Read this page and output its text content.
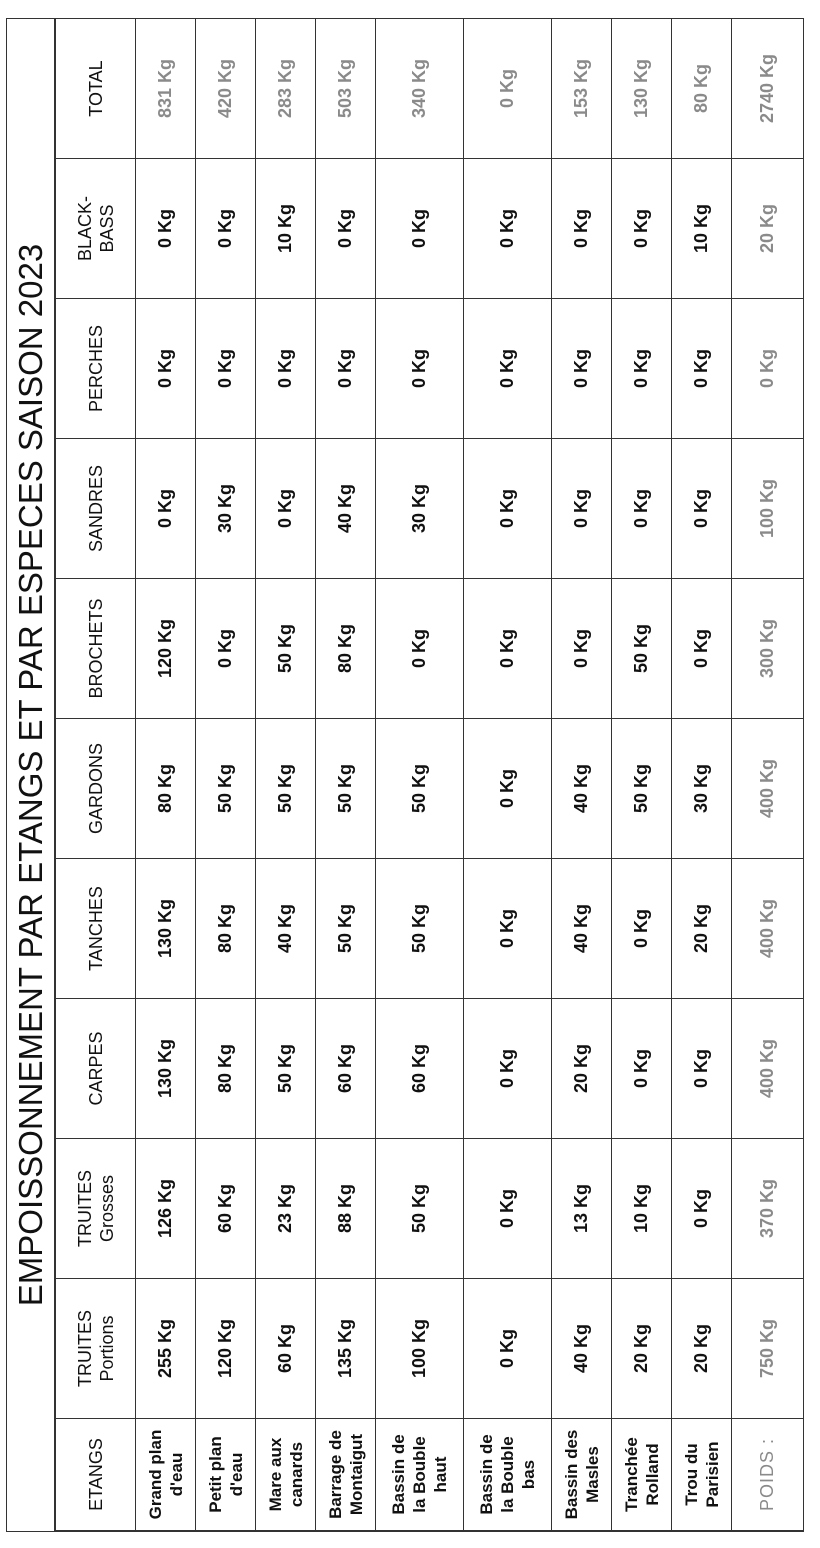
EMPOISSONNEMENT PAR ETANGS ET PAR ESPECES SAISON 2023
ETANGS	TRUITES Portions	TRUITES Grosses	CARPES	TANCHES	GARDONS	BROCHETS	SANDRES	PERCHES	BLACK- BASS	TOTAL

Grand plan d'eau	255 Kg	126 Kg	130 Kg	130 Kg	80 Kg	120 Kg	0 Kg	0 Kg	0 Kg	831 Kg

Petit plan d'eau	120 Kg	60 Kg	80 Kg	80 Kg	50 Kg	0 Kg	30 Kg	0 Kg	0 Kg	420 Kg

Mare aux canards	60 Kg	23 Kg	50 Kg	40 Kg	50 Kg	50 Kg	0 Kg	0 Kg	10 Kg	283 Kg

Barrage de Montaigut	135 Kg	88 Kg	60 Kg	50 Kg	50 Kg	80 Kg	40 Kg	0 Kg	0 Kg	503 Kg

Bassin de la Bouble haut	100 Kg	50 Kg	60 Kg	50 Kg	50 Kg	0 Kg	30 Kg	0 Kg	0 Kg	340 Kg

Bassin de la Bouble bas	0 Kg	0 Kg	0 Kg	0 Kg	0 Kg	0 Kg	0 Kg	0 Kg	0 Kg	0 Kg

Bassin des Masles	40 Kg	13 Kg	20 Kg	40 Kg	40 Kg	0 Kg	0 Kg	0 Kg	0 Kg	153 Kg

Tranchée Rolland	20 Kg	10 Kg	0 Kg	0 Kg	50 Kg	50 Kg	0 Kg	0 Kg	0 Kg	130 Kg

Trou du Parisien	20 Kg	0 Kg	0 Kg	20 Kg	30 Kg	0 Kg	0 Kg	0 Kg	10 Kg	80 Kg
POIDS :	750 Kg	370 Kg	400 Kg	400 Kg	400 Kg	300 Kg	100 Kg	0 Kg	20 Kg	2740 Kg
